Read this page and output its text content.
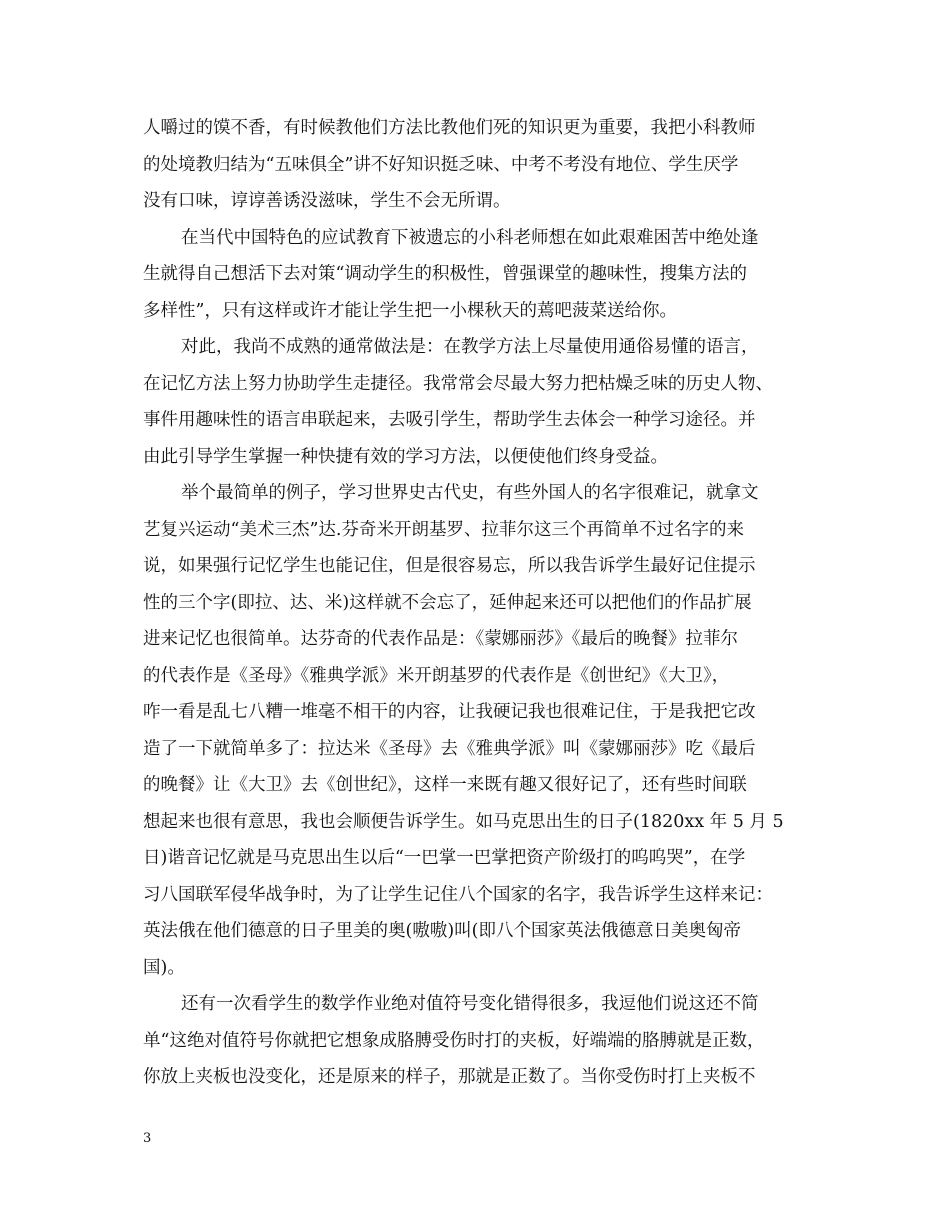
人嚼过的馍不香，有时候教他们方法比教他们死的知识更为重要，我把小科教师
的处境教归结为“五味俱全”讲不好知识挺乏味、中考不考没有地位、学生厌学
没有口味，谆谆善诱没滋味，学生不会无所谓。
在当代中国特色的应试教育下被遗忘的小科老师想在如此艰难困苦中绝处逢
生就得自己想活下去对策“调动学生的积极性，曾强课堂的趣味性，搜集方法的
多样性”，只有这样或许才能让学生把一小棵秋天的蔫吧菠菜送给你。
对此，我尚不成熟的通常做法是：在教学方法上尽量使用通俗易懂的语言，
在记忆方法上努力协助学生走捷径。我常常会尽最大努力把枯燥乏味的历史人物、
事件用趣味性的语言串联起来，去吸引学生，帮助学生去体会一种学习途径。并
由此引导学生掌握一种快捷有效的学习方法，以便使他们终身受益。
举个最简单的例子，学习世界史古代史，有些外国人的名字很难记，就拿文
艺复兴运动“美术三杰”达.芬奇米开朗基罗、拉菲尔这三个再简单不过名字的来
说，如果强行记忆学生也能记住，但是很容易忘，所以我告诉学生最好记住提示
性的三个字(即拉、达、米)这样就不会忘了，延伸起来还可以把他们的作品扩展
进来记忆也很简单。达芬奇的代表作品是：《蒙娜丽莎》《最后的晚餐》拉菲尔
的代表作是《圣母》《雅典学派》米开朗基罗的代表作是《创世纪》《大卫》，
咋一看是乱七八糟一堆毫不相干的内容，让我硬记我也很难记住，于是我把它改
造了一下就简单多了：拉达米《圣母》去《雅典学派》叫《蒙娜丽莎》吃《最后
的晚餐》让《大卫》去《创世纪》，这样一来既有趣又很好记了，还有些时间联
想起来也很有意思，我也会顺便告诉学生。如马克思出生的日子(1820xx 年 5 月 5
日)谐音记忆就是马克思出生以后“一巴掌一巴掌把资产阶级打的呜呜哭”，在学
习八国联军侵华战争时，为了让学生记住八个国家的名字，我告诉学生这样来记：
英法俄在他们德意的日子里美的奥(嗷嗷)叫(即八个国家英法俄德意日美奥匈帝
国)。
还有一次看学生的数学作业绝对值符号变化错得很多，我逗他们说这还不简
单“这绝对值符号你就把它想象成胳膊受伤时打的夹板，好端端的胳膊就是正数，
你放上夹板也没变化，还是原来的样子，那就是正数了。当你受伤时打上夹板不
3
